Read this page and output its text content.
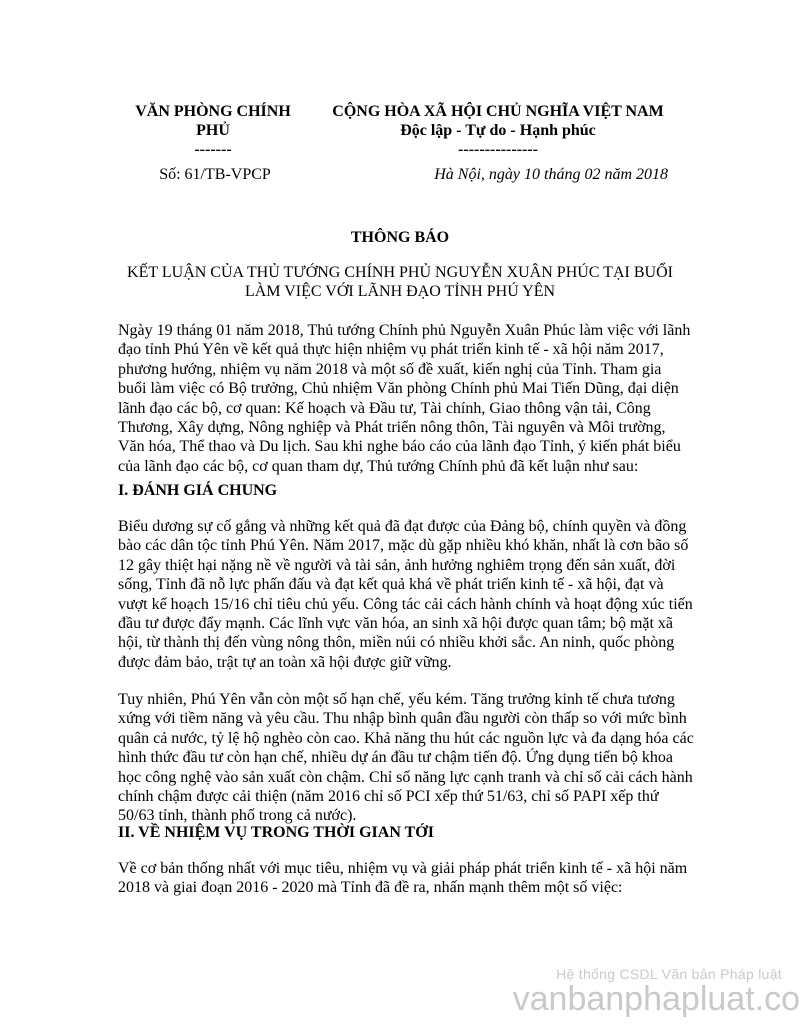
VĂN PHÒNG CHÍNH
PHỦ
-------
CỘNG HÒA XÃ HỘI CHỦ NGHĨA VIỆT NAM
Độc lập - Tự do - Hạnh phúc
---------------
Số: 61/TB-VPCP	Hà Nội, ngày 10 tháng 02 năm 2018
THÔNG BÁO
KẾT LUẬN CỦA THỦ TƯỚNG CHÍNH PHỦ NGUYỄN XUÂN PHÚC TẠI BUỔI
LÀM VIỆC VỚI LÃNH ĐẠO TỈNH PHÚ YÊN
Ngày 19 tháng 01 năm 2018, Thủ tướng Chính phủ Nguyễn Xuân Phúc làm việc với lãnh
đạo tỉnh Phú Yên về kết quả thực hiện nhiệm vụ phát triển kinh tế - xã hội năm 2017,
phương hướng, nhiệm vụ năm 2018 và một số đề xuất, kiến nghị của Tỉnh. Tham gia
buổi làm việc có Bộ trưởng, Chủ nhiệm Văn phòng Chính phủ Mai Tiến Dũng, đại diện
lãnh đạo các bộ, cơ quan: Kế hoạch và Đầu tư, Tài chính, Giao thông vận tải, Công
Thương, Xây dựng, Nông nghiệp và Phát triển nông thôn, Tài nguyên và Môi trường,
Văn hóa, Thể thao và Du lịch. Sau khi nghe báo cáo của lãnh đạo Tỉnh, ý kiến phát biểu
của lãnh đạo các bộ, cơ quan tham dự, Thủ tướng Chính phủ đã kết luận như sau:
I. ĐÁNH GIÁ CHUNG
Biểu dương sự cố gắng và những kết quả đã đạt được của Đảng bộ, chính quyền và đồng
bào các dân tộc tỉnh Phú Yên. Năm 2017, mặc dù gặp nhiều khó khăn, nhất là cơn bão số
12 gây thiệt hại nặng nề về người và tài sản, ảnh hưởng nghiêm trọng đến sản xuất, đời
sống, Tỉnh đã nỗ lực phấn đấu và đạt kết quả khá về phát triển kinh tế - xã hội, đạt và
vượt kế hoạch 15/16 chỉ tiêu chủ yếu. Công tác cải cách hành chính và hoạt động xúc tiến
đầu tư được đẩy mạnh. Các lĩnh vực văn hóa, an sinh xã hội được quan tâm; bộ mặt xã
hội, từ thành thị đến vùng nông thôn, miền núi có nhiều khởi sắc. An ninh, quốc phòng
được đảm bảo, trật tự an toàn xã hội được giữ vững.
Tuy nhiên, Phú Yên vẫn còn một số hạn chế, yếu kém. Tăng trưởng kinh tế chưa tương
xứng với tiềm năng và yêu cầu. Thu nhập bình quân đầu người còn thấp so với mức bình
quân cả nước, tỷ lệ hộ nghèo còn cao. Khả năng thu hút các nguồn lực và đa dạng hóa các
hình thức đầu tư còn hạn chế, nhiều dự án đầu tư chậm tiến độ. Ứng dụng tiến bộ khoa
học công nghệ vào sản xuất còn chậm. Chỉ số năng lực cạnh tranh và chỉ số cải cách hành
chính chậm được cải thiện (năm 2016 chỉ số PCI xếp thứ 51/63, chỉ số PAPI xếp thứ
50/63 tỉnh, thành phố trong cả nước).
II. VỀ NHIỆM VỤ TRONG THỜI GIAN TỚI
Về cơ bản thống nhất với mục tiêu, nhiệm vụ và giải pháp phát triển kinh tế - xã hội năm
2018 và giai đoạn 2016 - 2020 mà Tỉnh đã đề ra, nhấn mạnh thêm một số việc:
Hệ thống CSDL Văn bản Pháp luật
vanbanphapluat.co
